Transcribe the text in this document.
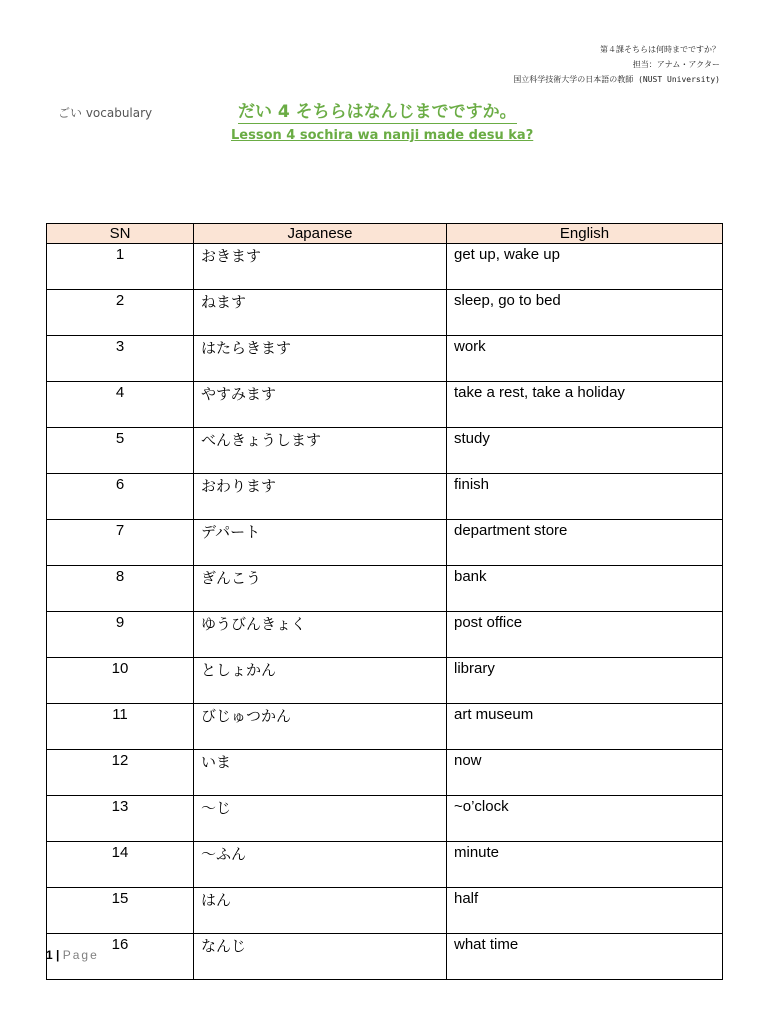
第４課そちらは何時までですか？
担当：アナム・アクター
国立科学技術大学の日本語の教師 (NUST University)
ごい vocabulary	だい 4 そちらはなんじまでですか。
Lesson 4 sochira wa nanji made desu ka?
SN	Japanese	English
1	おきます	get up, wake up
2	ねます	sleep, go to bed
3	はたらきます	work
4	やすみます	take a rest, take a holiday
5	べんきょうします	study
6	おわります	finish
7	デパート	department store
8	ぎんこう	bank
9	ゆうびんきょく	post office
10	としょかん	library
11	びじゅつかん	art museum
12	いま	now
13	～じ	~o’clock
14	～ふん	minute
15	はん	half
16	なんじ	what time
1 | Page
